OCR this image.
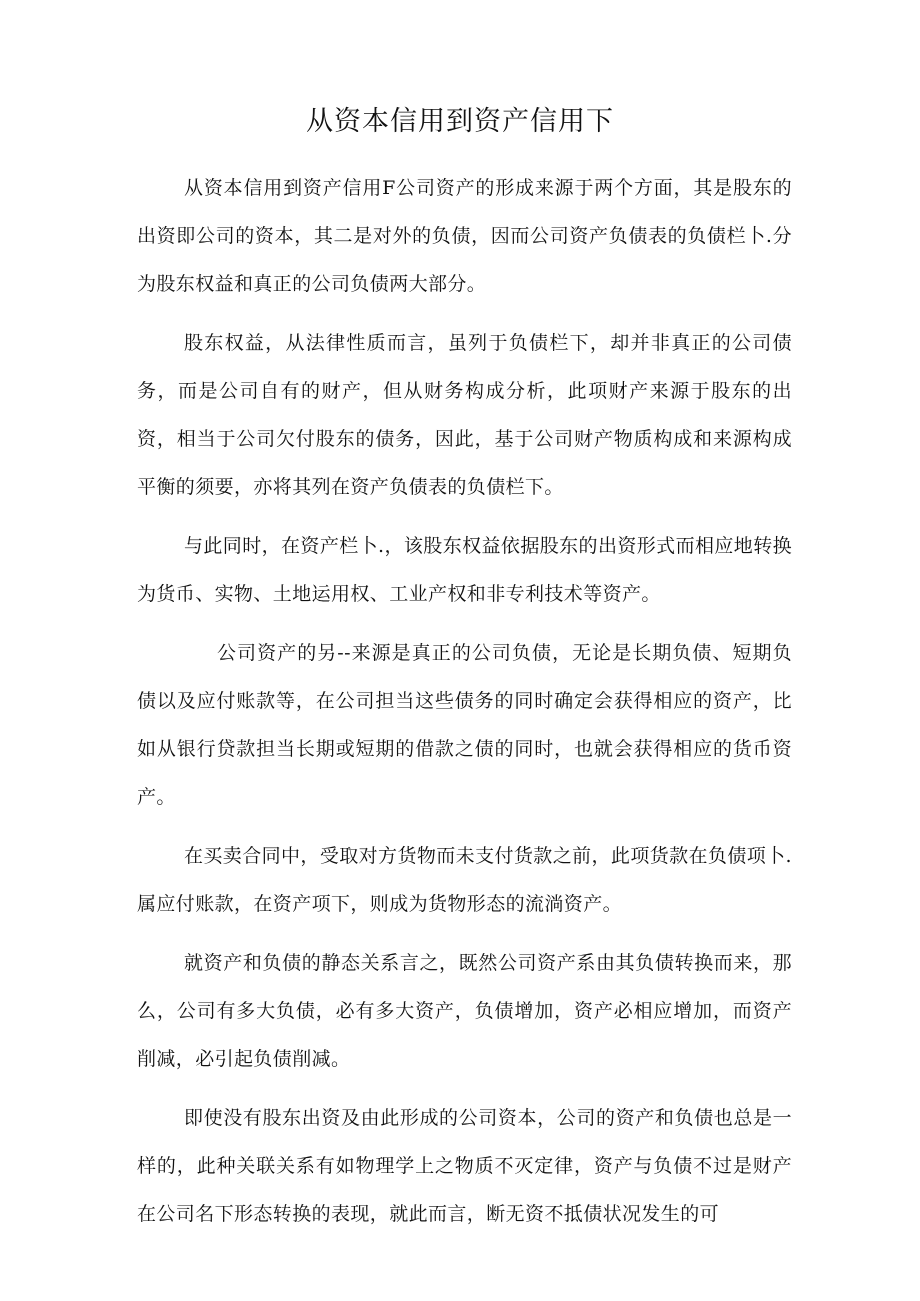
从资本信用到资产信用下

从资本信用到资产信用F公司资产的形成来源于两个方面，其是股东的出资即公司的资本，其二是对外的负债，因而公司资产负债表的负债栏卜.分为股东权益和真正的公司负债两大部分。

股东权益，从法律性质而言，虽列于负债栏下，却并非真正的公司债务，而是公司自有的财产，但从财务构成分析，此项财产来源于股东的出资，相当于公司欠付股东的债务，因此，基于公司财产物质构成和来源构成平衡的须要，亦将其列在资产负债表的负债栏下。

与此同时，在资产栏卜.，该股东权益依据股东的出资形式而相应地转换为货币、实物、土地运用权、工业产权和非专利技术等资产。

公司资产的另--来源是真正的公司负债，无论是长期负债、短期负债以及应付账款等，在公司担当这些债务的同时确定会获得相应的资产，比如从银行贷款担当长期或短期的借款之债的同时，也就会获得相应的货币资产。

在买卖合同中，受取对方货物而未支付货款之前，此项货款在负债项卜.属应付账款，在资产项下，则成为货物形态的流淌资产。

就资产和负债的静态关系言之，既然公司资产系由其负债转换而来，那么，公司有多大负债，必有多大资产，负债增加，资产必相应增加，而资产削减，必引起负债削减。

即使没有股东出资及由此形成的公司资本，公司的资产和负债也总是一样的，此种关联关系有如物理学上之物质不灭定律，资产与负债不过是财产在公司名下形态转换的表现，就此而言，断无资不抵债状况发生的可
